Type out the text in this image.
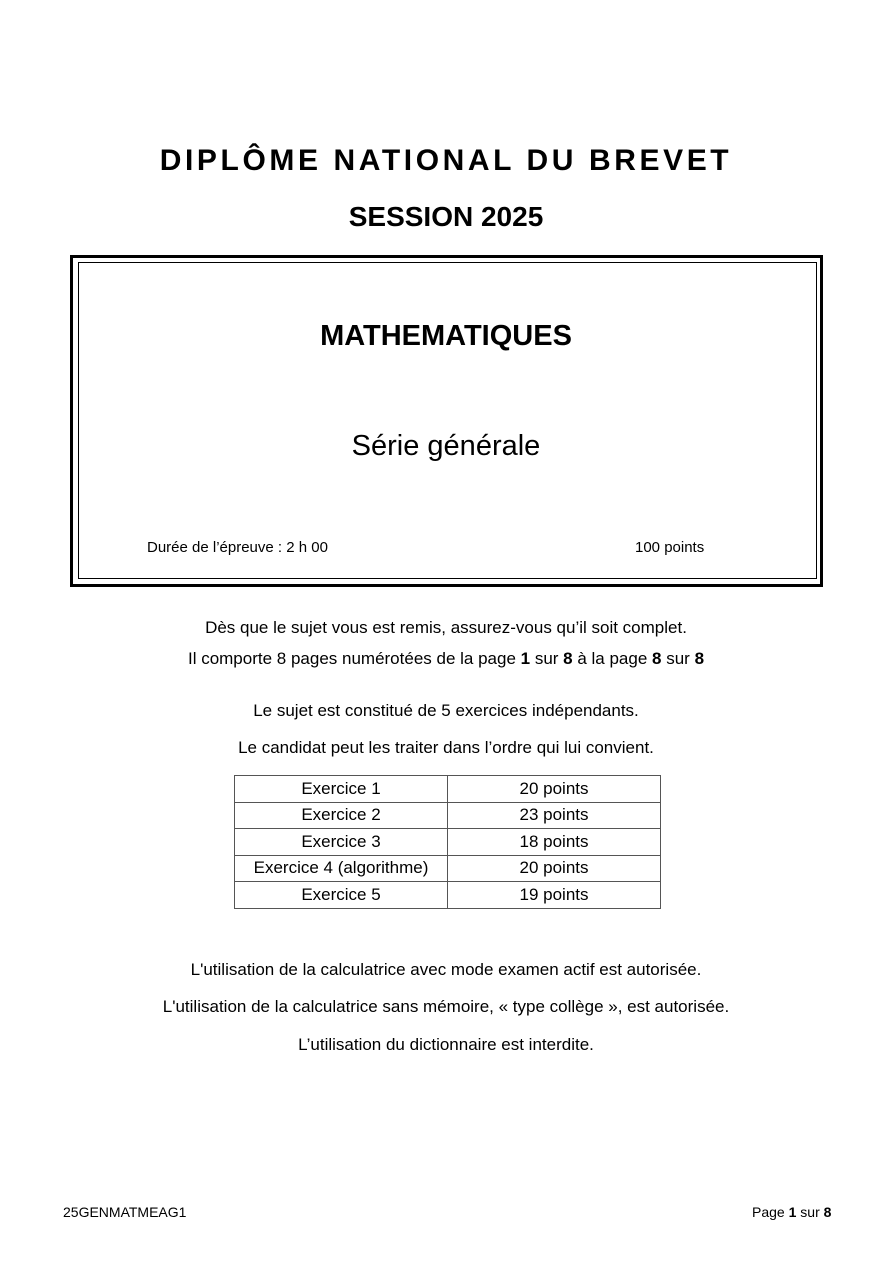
DIPLÔME NATIONAL DU BREVET
SESSION 2025
MATHEMATIQUES
Série générale
Durée de l’épreuve : 2 h 00	100 points
Dès que le sujet vous est remis, assurez-vous qu’il soit complet.
Il comporte 8 pages numérotées de la page 1 sur 8 à la page 8 sur 8
Le sujet est constitué de 5 exercices indépendants.
Le candidat peut les traiter dans l’ordre qui lui convient.
Exercice 1	20 points
Exercice 2	23 points
Exercice 3	18 points
Exercice 4 (algorithme)	20 points
Exercice 5	19 points
L'utilisation de la calculatrice avec mode examen actif est autorisée.
L'utilisation de la calculatrice sans mémoire, « type collège », est autorisée.
L’utilisation du dictionnaire est interdite.
25GENMATMEAG1	Page 1 sur 8
